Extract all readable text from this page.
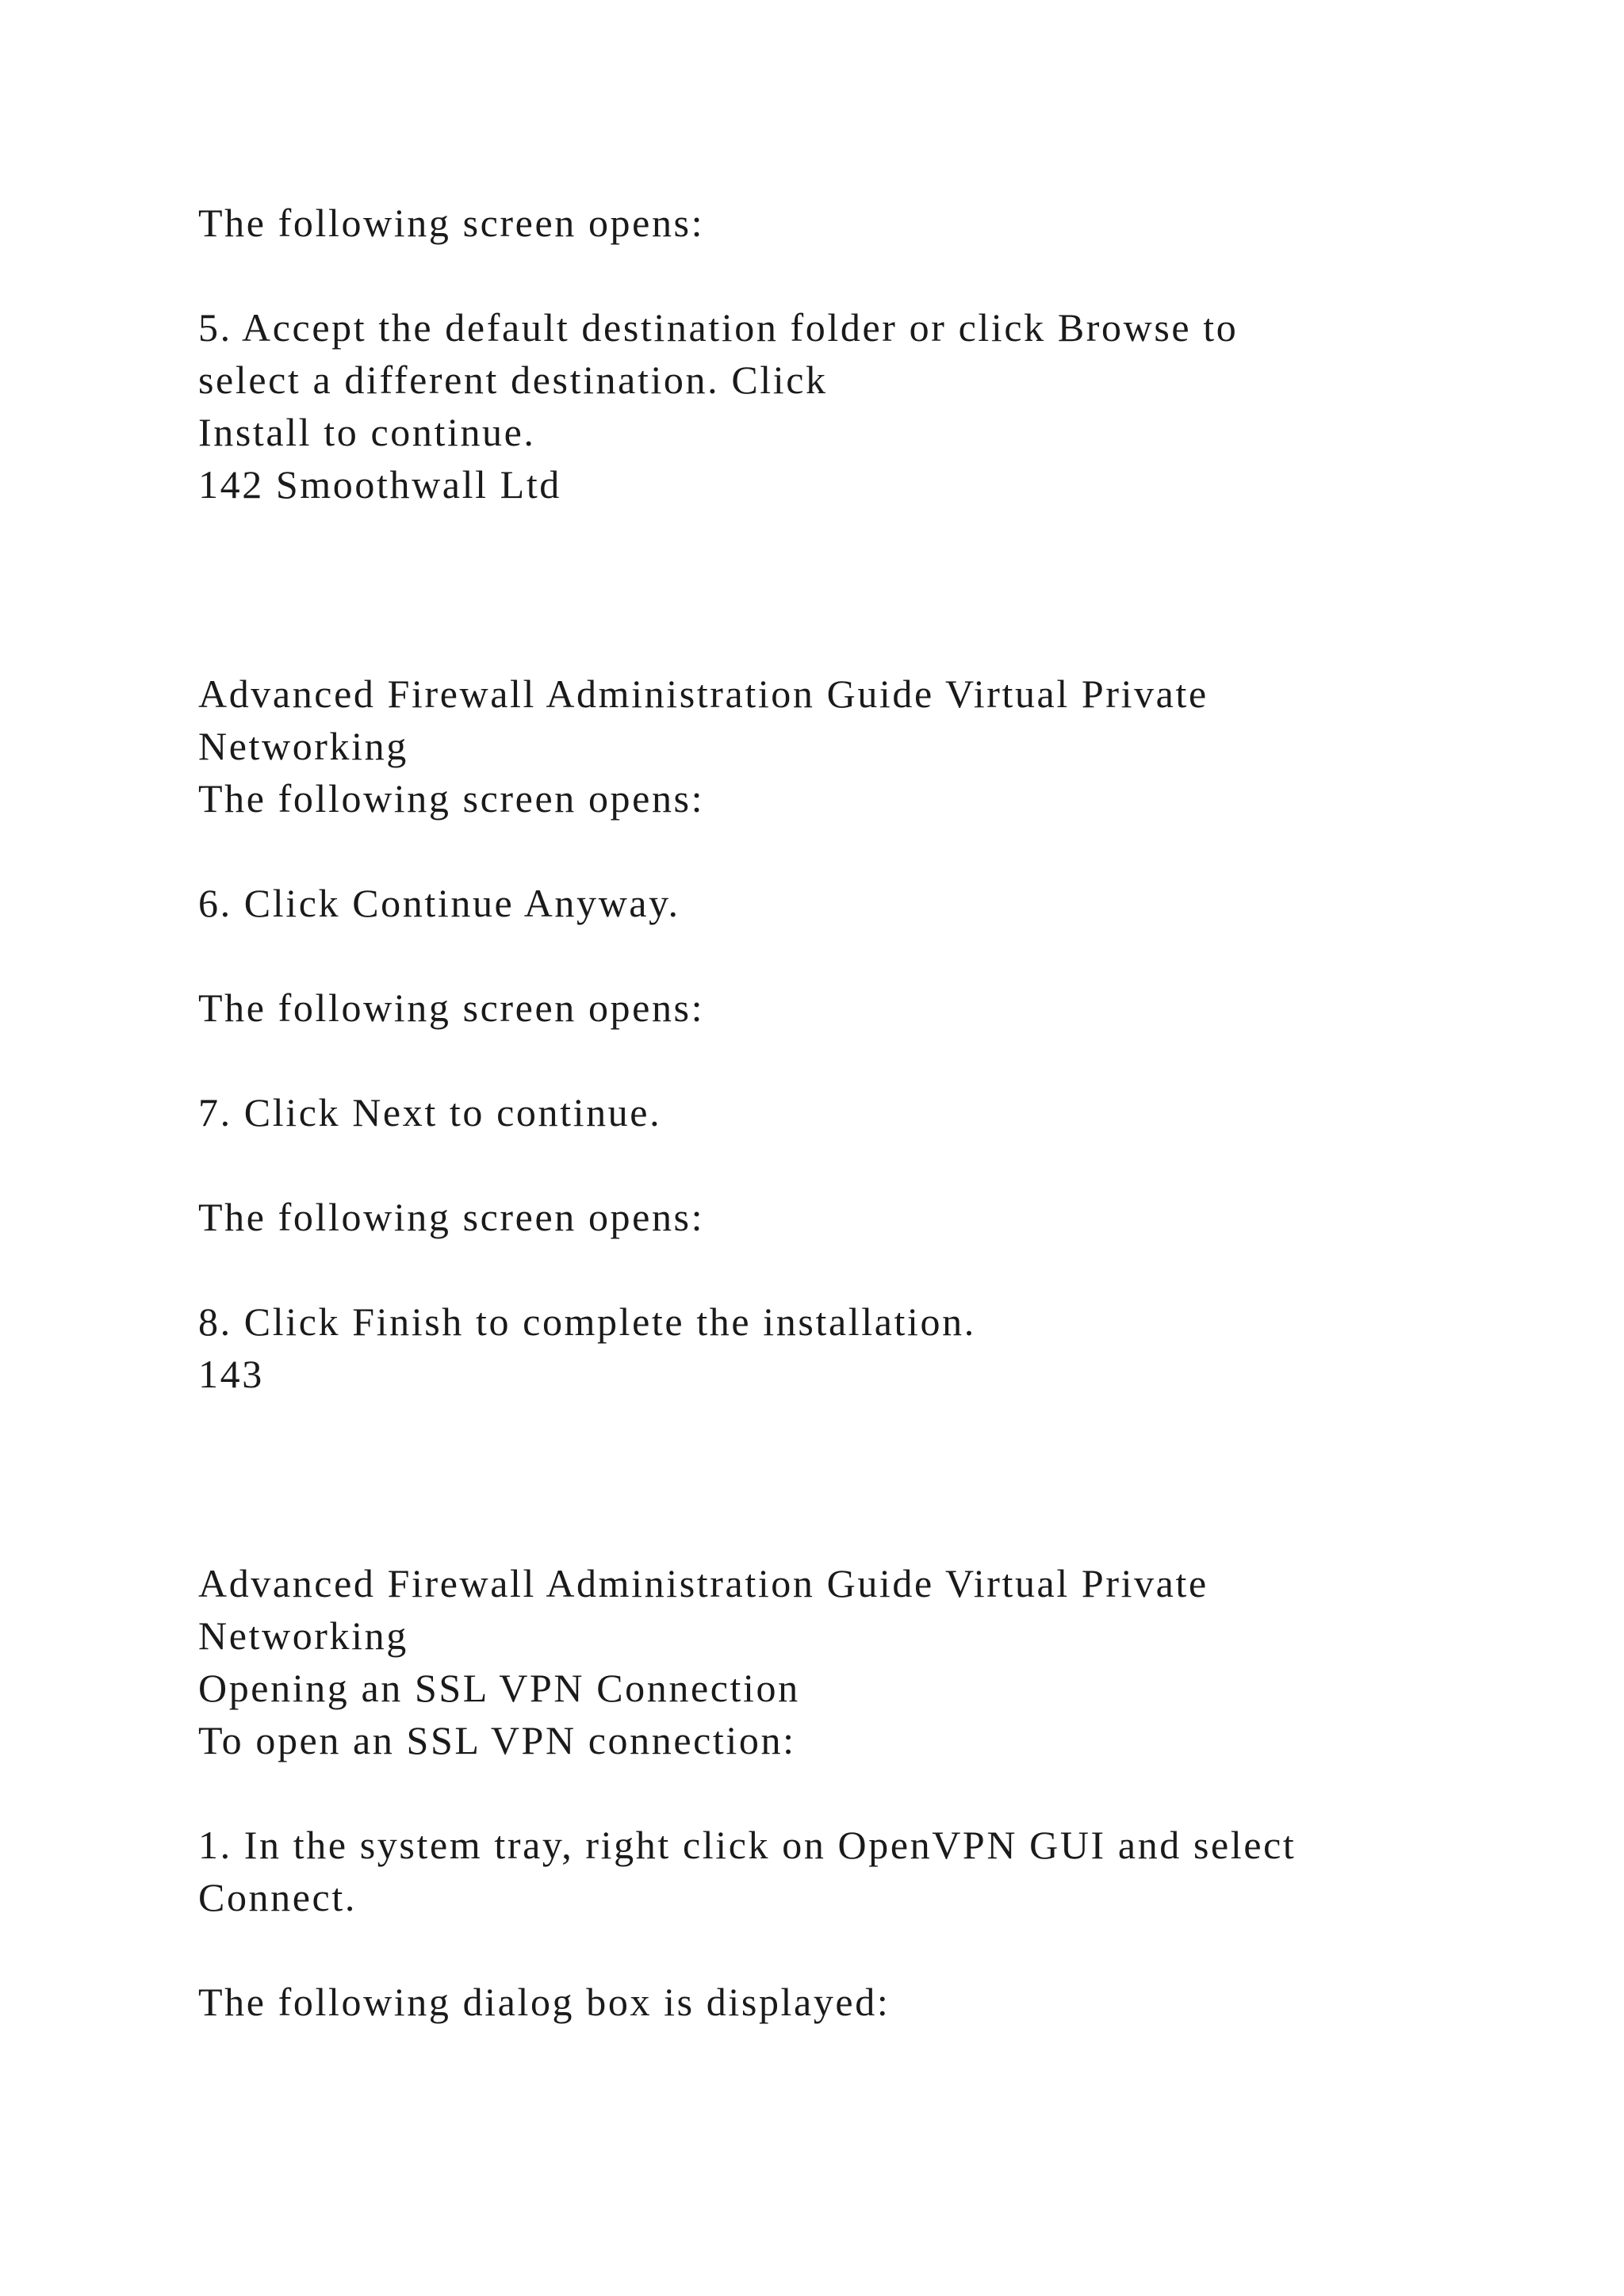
The following screen opens:

5. Accept the default destination folder or click Browse to

select a different destination. Click

Install to continue.

142 Smoothwall Ltd

Advanced Firewall Administration Guide Virtual Private

Networking

The following screen opens:

6. Click Continue Anyway.

The following screen opens:

7. Click Next to continue.

The following screen opens:

8. Click Finish to complete the installation.

143

Advanced Firewall Administration Guide Virtual Private

Networking

Opening an SSL VPN Connection

To open an SSL VPN connection:

1. In the system tray, right click on OpenVPN GUI and select

Connect.

The following dialog box is displayed:
